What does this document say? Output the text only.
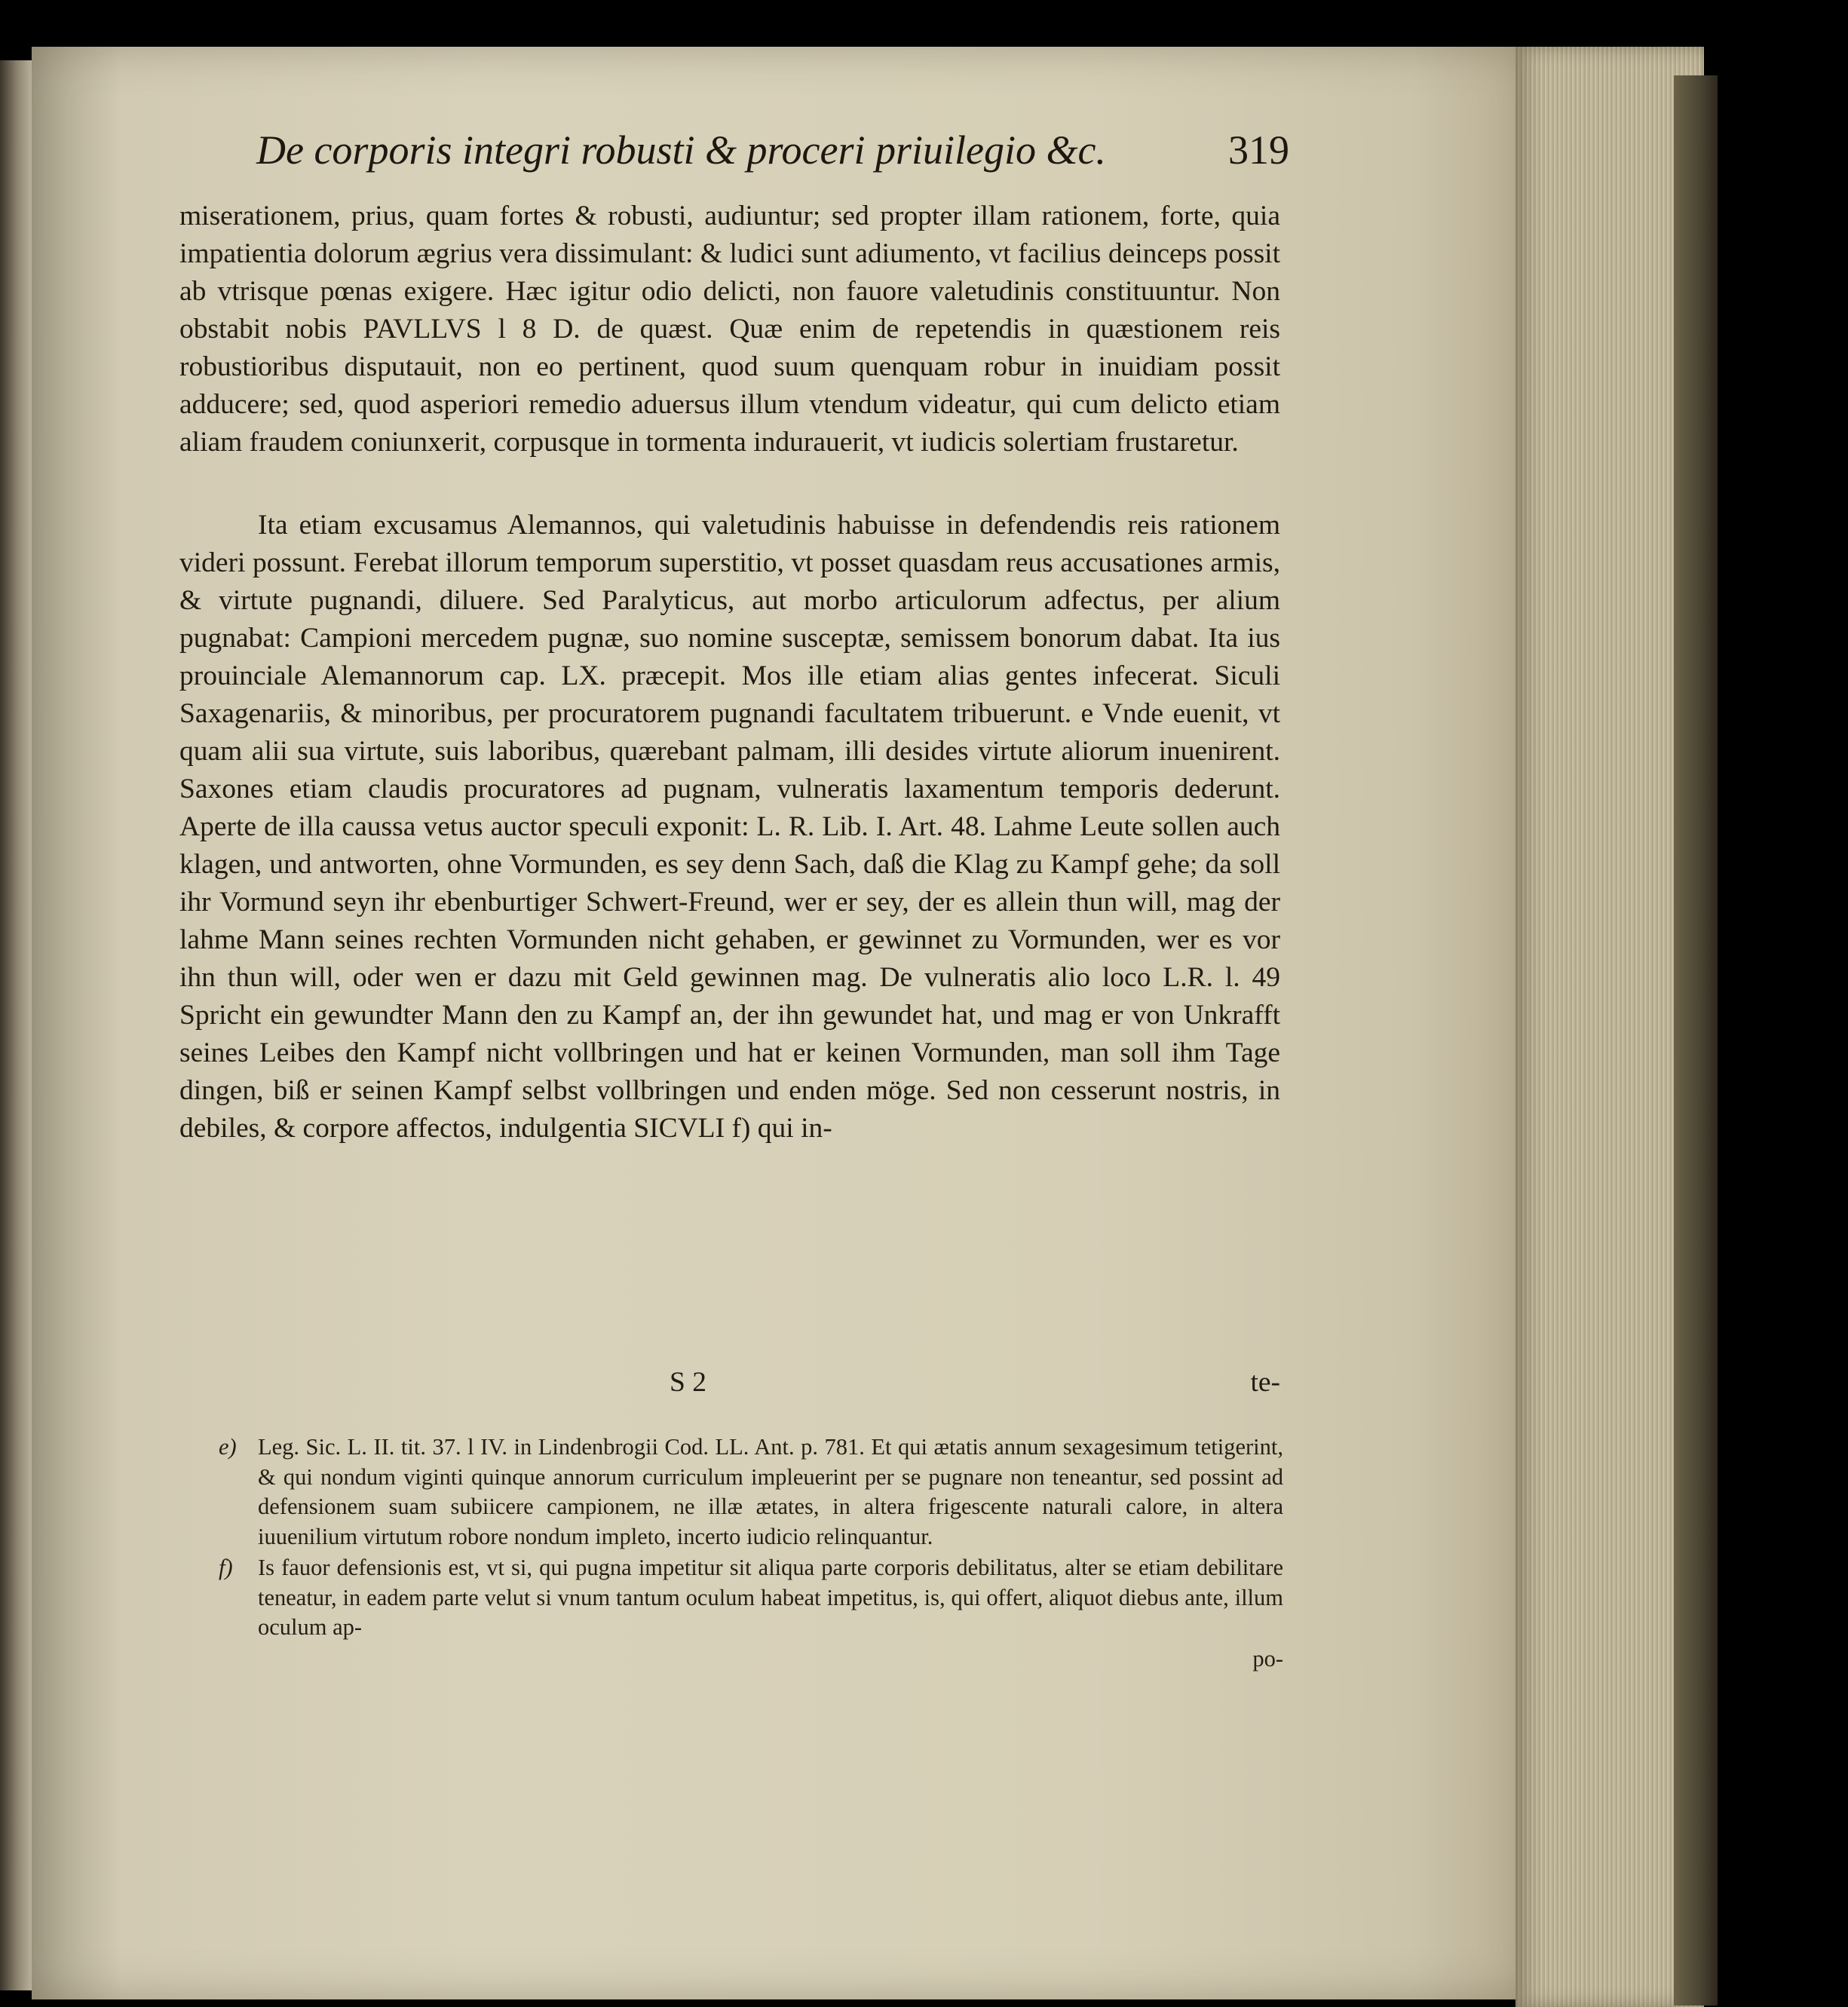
De corporis integri robusti & proceri priuilegio &c.	319

miserationem, prius, quam fortes & robusti, audiuntur; sed propter illam rationem, forte, quia impatientia dolorum ægrius vera dissimulant: & ludici sunt adiumento, vt facilius deinceps possit ab vtrisque pœnas exigere. Hæc igitur odio delicti, non fauore valetudinis constituuntur. Non obstabit nobis PAVLLVS l 8 D. de quæst. Quæ enim de repetendis in quæstionem reis robustioribus disputauit, non eo pertinent, quod suum quenquam robur in inuidiam possit adducere; sed, quod asperiori remedio aduersus illum vtendum videatur, qui cum delicto etiam aliam fraudem coniunxerit, corpusque in tormenta indurauerit, vt iudicis solertiam frustaretur.

Ita etiam excusamus Alemannos, qui valetudinis habuisse in defendendis reis rationem videri possunt. Ferebat illorum temporum superstitio, vt posset quasdam reus accusationes armis, & virtute pugnandi, diluere. Sed Paralyticus, aut morbo articulorum adfectus, per alium pugnabat: Campioni mercedem pugnæ, suo nomine susceptæ, semissem bonorum dabat. Ita ius prouinciale Alemannorum cap. LX. præcepit. Mos ille etiam alias gentes infecerat. Siculi Saxagenariis, & minoribus, per procuratorem pugnandi facultatem tribuerunt. e Vnde euenit, vt quam alii sua virtute, suis laboribus, quærebant palmam, illi desides virtute aliorum inuenirent. Saxones etiam claudis procuratores ad pugnam, vulneratis laxamentum temporis dederunt. Aperte de illa caussa vetus auctor speculi exponit: L. R. Lib. I. Art. 48. Lahme Leute sollen auch klagen, und antworten, ohne Vormunden, es sey denn Sach, daß die Klag zu Kampf gehe; da soll ihr Vormund seyn ihr ebenburtiger Schwert-Freund, wer er sey, der es allein thun will, mag der lahme Mann seines rechten Vormunden nicht gehaben, er gewinnet zu Vormunden, wer es vor ihn thun will, oder wen er dazu mit Geld gewinnen mag. De vulneratis alio loco L.R. l. 49 Spricht ein gewundter Mann den zu Kampf an, der ihn gewundet hat, und mag er von Unkrafft seines Leibes den Kampf nicht vollbringen und hat er keinen Vormunden, man soll ihm Tage dingen, biß er seinen Kampf selbst vollbringen und enden möge. Sed non cesserunt nostris, in debiles, & corpore affectos, indulgentia SICVLI f) qui in-

S 2	te-
e) Leg. Sic. L. II. tit. 37. l IV. in Lindenbrogii Cod. LL. Ant. p. 781. Et qui ætatis annum sexagesimum tetigerint, & qui nondum viginti quinque annorum curriculum impleuerint per se pugnare non teneantur, sed possint ad defensionem suam subiicere campionem, ne illæ ætates, in altera frigescente naturali calore, in altera iuuenilium virtutum robore nondum impleto, incerto iudicio relinquantur.
f) Is fauor defensionis est, vt si, qui pugna impetitur sit aliqua parte corporis debilitatus, alter se etiam debilitare teneatur, in eadem parte velut si vnum tantum oculum habeat impetitus, is, qui offert, aliquot diebus ante, illum oculum ap-
po-
